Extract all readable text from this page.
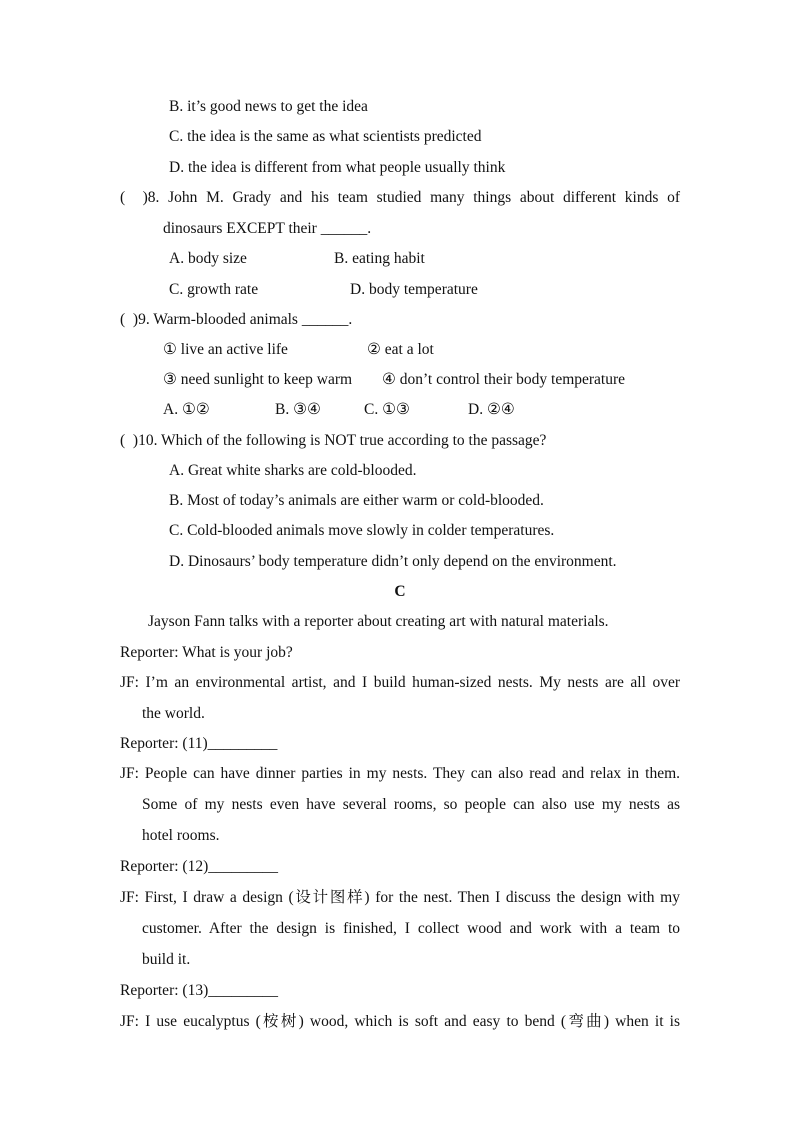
B. it’s good news to get the idea
C. the idea is the same as what scientists predicted
D. the idea is different from what people usually think
(  )8. John M. Grady and his team studied many things about different kinds of
dinosaurs EXCEPT their ______.
A. body size	B. eating habit
C. growth rate	D. body temperature
(  )9. Warm-blooded animals ______.
① live an active life	② eat a lot
③ need sunlight to keep warm ④ don’t control their body temperature
A. ①②	B. ③④	C. ①③	D. ②④
(  )10. Which of the following is NOT true according to the passage?
A. Great white sharks are cold-blooded.
B. Most of today’s animals are either warm or cold-blooded.
C. Cold-blooded animals move slowly in colder temperatures.
D. Dinosaurs’ body temperature didn’t only depend on the environment.
C
Jayson Fann talks with a reporter about creating art with natural materials.
Reporter: What is your job?
JF: I’m an environmental artist, and I build human-sized nests. My nests are all over
the world.
Reporter: (11)_________
JF: People can have dinner parties in my nests. They can also read and relax in them.
Some of my nests even have several rooms, so people can also use my nests as
hotel rooms.
Reporter: (12)_________
JF: First, I draw a design (设计图样) for the nest. Then I discuss the design with my
customer. After the design is finished, I collect wood and work with a team to
build it.
Reporter: (13)_________
JF: I use eucalyptus (桉树) wood, which is soft and easy to bend (弯曲) when it is
